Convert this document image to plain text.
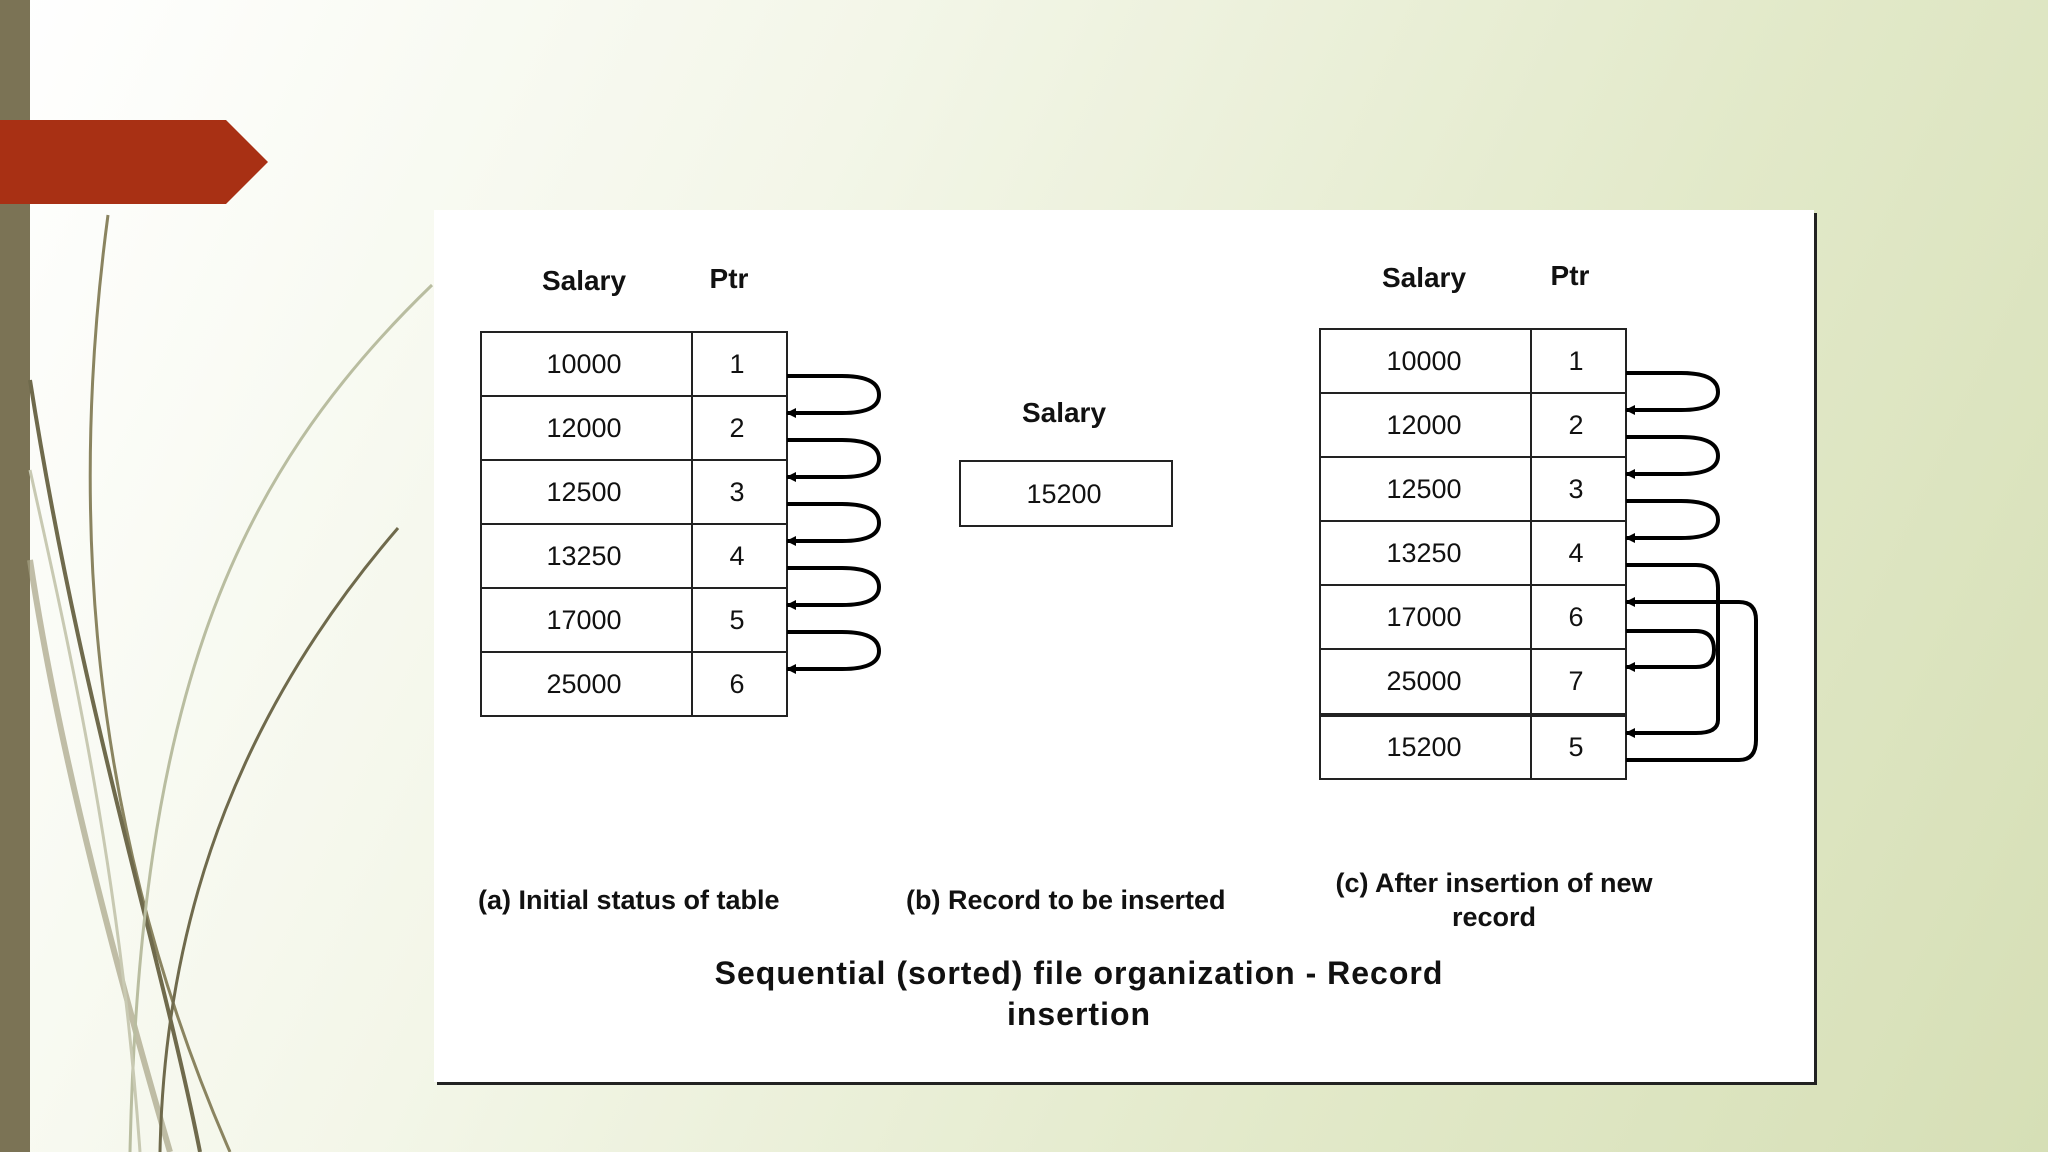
Salary	Ptr
10000	1
12000	2
12500	3
13250	4
17000	5
25000	6
Salary
15200
Salary	Ptr
10000	1
12000	2
12500	3
13250	4
17000	6
25000	7
15200	5
(a) Initial status of table	(b) Record to be inserted
(c) After insertion of new
record
Sequential (sorted) file organization - Record
insertion
